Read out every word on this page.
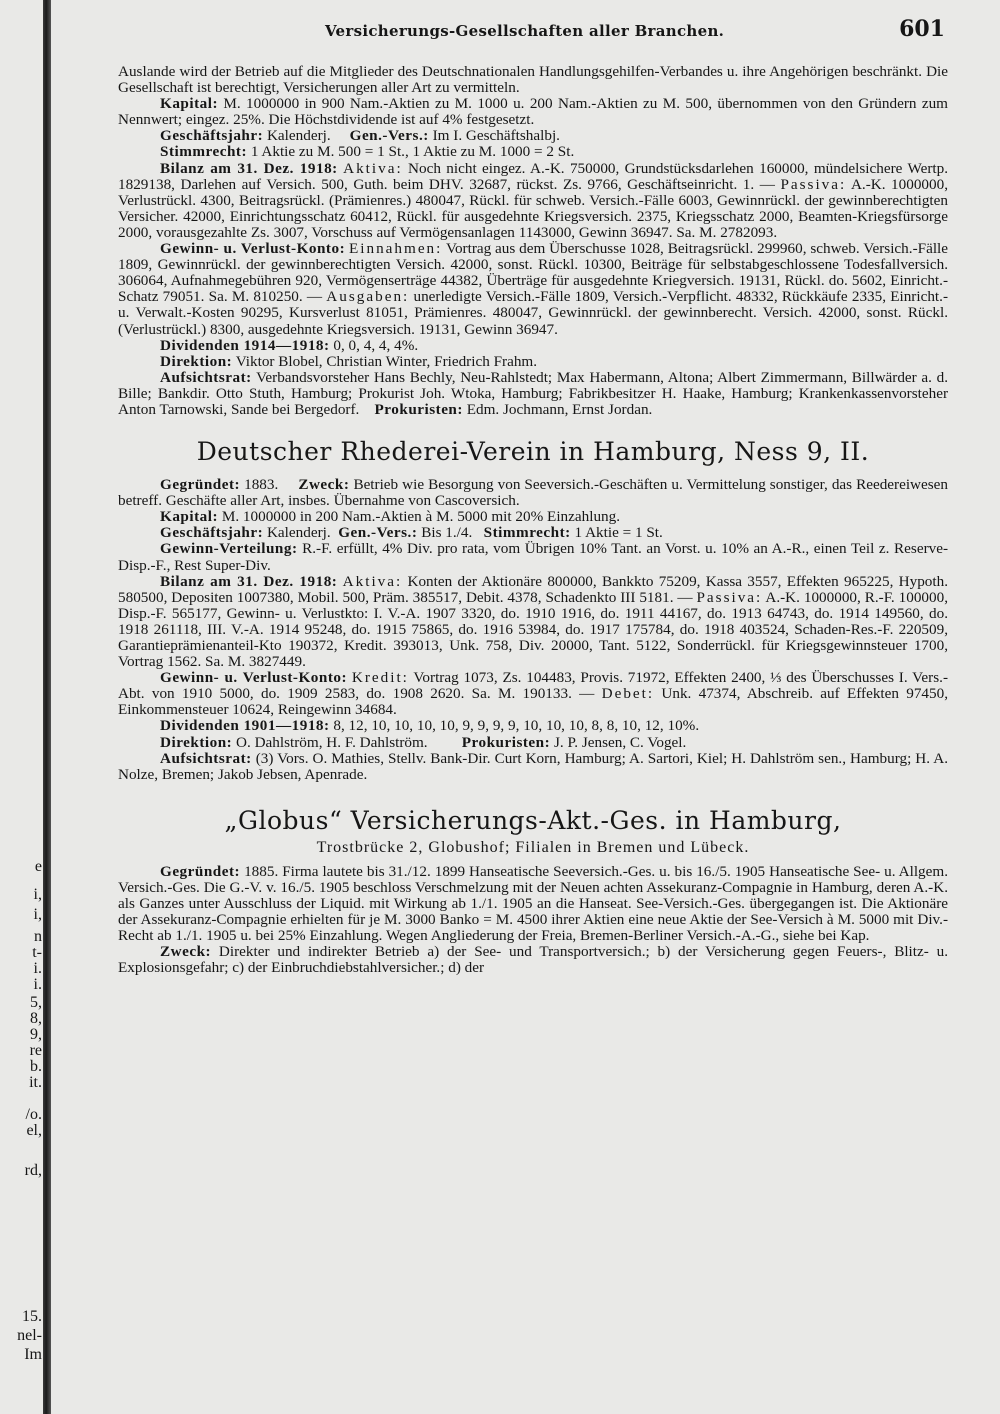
e
i,
i,
n
t-
i.
i.
5,
8,
9,
re
b.
it.
/o.
el,
rd,
15.
nel-
Im
Versicherungs-Gesellschaften aller Branchen.	601

Auslande wird der Betrieb auf die Mitglieder des Deutschnationalen Handlungsgehilfen-Verbandes u. ihre Angehörigen beschränkt. Die Gesellschaft ist berechtigt, Versicherungen aller Art zu vermitteln.

Kapital: M. 1000000 in 900 Nam.-Aktien zu M. 1000 u. 200 Nam.-Aktien zu M. 500, übernommen von den Gründern zum Nennwert; eingez. 25%. Die Höchstdividende ist auf 4% festgesetzt.

Geschäftsjahr: Kalenderj. Gen.-Vers.: Im I. Geschäftshalbj.

Stimmrecht: 1 Aktie zu M. 500 = 1 St., 1 Aktie zu M. 1000 = 2 St.

Bilanz am 31. Dez. 1918: Aktiva: Noch nicht eingez. A.-K. 750000, Grundstücksdarlehen 160000, mündelsichere Wertp. 1829138, Darlehen auf Versich. 500, Guth. beim DHV. 32687, rückst. Zs. 9766, Geschäftseinricht. 1. — Passiva: A.-K. 1000000, Verlustrückl. 4300, Beitragsrückl. (Prämienres.) 480047, Rückl. für schweb. Versich.-Fälle 6003, Gewinnrückl. der gewinnberechtigten Versicher. 42000, Einrichtungsschatz 60412, Rückl. für ausgedehnte Kriegsversich. 2375, Kriegsschatz 2000, Beamten-Kriegsfürsorge 2000, vorausgezahlte Zs. 3007, Vorschuss auf Vermögensanlagen 1143000, Gewinn 36947. Sa. M. 2782093.

Gewinn- u. Verlust-Konto: Einnahmen: Vortrag aus dem Überschusse 1028, Beitragsrückl. 299960, schweb. Versich.-Fälle 1809, Gewinnrückl. der gewinnberechtigten Versich. 42000, sonst. Rückl. 10300, Beiträge für selbstabgeschlossene Todesfallversich. 306064, Aufnahmegebühren 920, Vermögenserträge 44382, Überträge für ausgedehnte Kriegversich. 19131, Rückl. do. 5602, Einricht.-Schatz 79051. Sa. M. 810250. — Ausgaben: unerledigte Versich.-Fälle 1809, Versich.-Verpflicht. 48332, Rückkäufe 2335, Einricht.- u. Verwalt.-Kosten 90295, Kursverlust 81051, Prämienres. 480047, Gewinnrückl. der gewinnberecht. Versich. 42000, sonst. Rückl. (Verlustrückl.) 8300, ausgedehnte Kriegsversich. 19131, Gewinn 36947.

Dividenden 1914—1918: 0, 0, 4, 4, 4%.

Direktion: Viktor Blobel, Christian Winter, Friedrich Frahm.

Aufsichtsrat: Verbandsvorsteher Hans Bechly, Neu-Rahlstedt; Max Habermann, Altona; Albert Zimmermann, Billwärder a. d. Bille; Bankdir. Otto Stuth, Hamburg; Prokurist Joh. Wtoka, Hamburg; Fabrikbesitzer H. Haake, Hamburg; Krankenkassenvorsteher Anton Tarnowski, Sande bei Bergedorf. Prokuristen: Edm. Jochmann, Ernst Jordan.

Deutscher Rhederei-Verein in Hamburg, Ness 9, II.

Gegründet: 1883. Zweck: Betrieb wie Besorgung von Seeversich.-Geschäften u. Vermittelung sonstiger, das Reedereiwesen betreff. Geschäfte aller Art, insbes. Übernahme von Cascoversich.

Kapital: M. 1000000 in 200 Nam.-Aktien à M. 5000 mit 20% Einzahlung.

Geschäftsjahr: Kalenderj. Gen.-Vers.: Bis 1./4. Stimmrecht: 1 Aktie = 1 St.

Gewinn-Verteilung: R.-F. erfüllt, 4% Div. pro rata, vom Übrigen 10% Tant. an Vorst. u. 10% an A.-R., einen Teil z. Reserve-Disp.-F., Rest Super-Div.

Bilanz am 31. Dez. 1918: Aktiva: Konten der Aktionäre 800000, Bankkto 75209, Kassa 3557, Effekten 965225, Hypoth. 580500, Depositen 1007380, Mobil. 500, Präm. 385517, Debit. 4378, Schadenkto III 5181. — Passiva: A.-K. 1000000, R.-F. 100000, Disp.-F. 565177, Gewinn- u. Verlustkto: I. V.-A. 1907 3320, do. 1910 1916, do. 1911 44167, do. 1913 64743, do. 1914 149560, do. 1918 261118, III. V.-A. 1914 95248, do. 1915 75865, do. 1916 53984, do. 1917 175784, do. 1918 403524, Schaden-Res.-F. 220509, Garantieprämienanteil-Kto 190372, Kredit. 393013, Unk. 758, Div. 20000, Tant. 5122, Sonderrückl. für Kriegsgewinnsteuer 1700, Vortrag 1562. Sa. M. 3827449.

Gewinn- u. Verlust-Konto: Kredit: Vortrag 1073, Zs. 104483, Provis. 71972, Effekten 2400, ⅓ des Überschusses I. Vers.-Abt. von 1910 5000, do. 1909 2583, do. 1908 2620. Sa. M. 190133. — Debet: Unk. 47374, Abschreib. auf Effekten 97450, Einkommensteuer 10624, Reingewinn 34684.

Dividenden 1901—1918: 8, 12, 10, 10, 10, 10, 9, 9, 9, 9, 10, 10, 10, 8, 8, 10, 12, 10%.

Direktion: O. Dahlström, H. F. Dahlström. Prokuristen: J. P. Jensen, C. Vogel.

Aufsichtsrat: (3) Vors. O. Mathies, Stellv. Bank-Dir. Curt Korn, Hamburg; A. Sartori, Kiel; H. Dahlström sen., Hamburg; H. A. Nolze, Bremen; Jakob Jebsen, Apenrade.

„Globus“ Versicherungs-Akt.-Ges. in Hamburg,

Trostbrücke 2, Globushof; Filialen in Bremen und Lübeck.

Gegründet: 1885. Firma lautete bis 31./12. 1899 Hanseatische Seeversich.-Ges. u. bis 16./5. 1905 Hanseatische See- u. Allgem. Versich.-Ges. Die G.-V. v. 16./5. 1905 beschloss Verschmelzung mit der Neuen achten Assekuranz-Compagnie in Hamburg, deren A.-K. als Ganzes unter Ausschluss der Liquid. mit Wirkung ab 1./1. 1905 an die Hanseat. See-Versich.-Ges. übergegangen ist. Die Aktionäre der Assekuranz-Compagnie erhielten für je M. 3000 Banko = M. 4500 ihrer Aktien eine neue Aktie der See-Versich à M. 5000 mit Div.-Recht ab 1./1. 1905 u. bei 25% Einzahlung. Wegen Angliederung der Freia, Bremen-Berliner Versich.-A.-G., siehe bei Kap.

Zweck: Direkter und indirekter Betrieb a) der See- und Transportversich.; b) der Versicherung gegen Feuers-, Blitz- u. Explosionsgefahr; c) der Einbruchdiebstahlversicher.; d) der
